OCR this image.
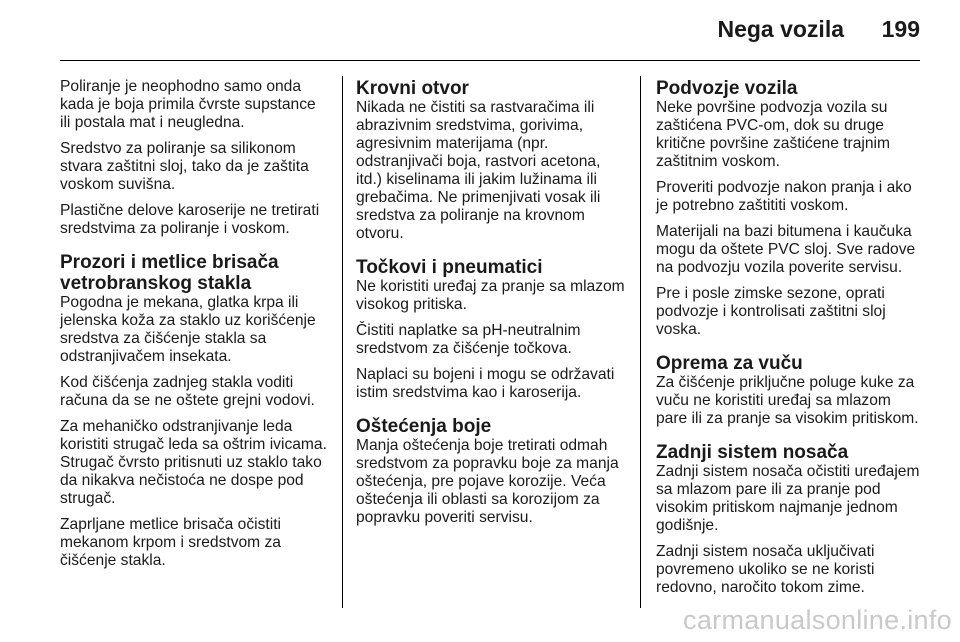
Nega vozila 199

Poliranje je neophodno samo onda kada je boja primila čvrste supstance ili postala mat i neugledna.

Sredstvo za poliranje sa silikonom stvara zaštitni sloj, tako da je zaštita voskom suvišna.

Plastične delove karoserije ne tretirati sredstvima za poliranje i voskom.

Prozori i metlice brisača vetrobranskog stakla

Pogodna je mekana, glatka krpa ili jelenska koža za staklo uz korišćenje sredstva za čišćenje stakla sa odstranjivačem insekata.

Kod čišćenja zadnjeg stakla voditi računa da se ne oštete grejni vodovi.

Za mehaničko odstranjivanje leda koristiti strugač leda sa oštrim ivicama. Strugač čvrsto pritisnuti uz staklo tako da nikakva nečistoća ne dospe pod strugač.

Zaprljane metlice brisača očistiti mekanom krpom i sredstvom za čišćenje stakla.

Krovni otvor

Nikada ne čistiti sa rastvaračima ili abrazivnim sredstvima, gorivima, agresivnim materijama (npr. odstranjivači boja, rastvori acetona, itd.) kiselinama ili jakim lužinama ili grebačima. Ne primenjivati vosak ili sredstva za poliranje na krovnom otvoru.

Točkovi i pneumatici

Ne koristiti uređaj za pranje sa mlazom visokog pritiska.

Čistiti naplatke sa pH-neutralnim sredstvom za čišćenje točkova.

Naplaci su bojeni i mogu se održavati istim sredstvima kao i karoserija.

Oštećenja boje

Manja oštećenja boje tretirati odmah sredstvom za popravku boje za manja oštećenja, pre pojave korozije. Veća oštećenja ili oblasti sa korozijom za popravku poveriti servisu.

Podvozje vozila

Neke površine podvozja vozila su zaštićena PVC-om, dok su druge kritične površine zaštićene trajnim zaštitnim voskom.

Proveriti podvozje nakon pranja i ako je potrebno zaštititi voskom.

Materijali na bazi bitumena i kaučuka mogu da oštete PVC sloj. Sve radove na podvozju vozila poverite servisu.

Pre i posle zimske sezone, oprati podvozje i kontrolisati zaštitni sloj voska.

Oprema za vuču

Za čišćenje priključne poluge kuke za vuču ne koristiti uređaj sa mlazom pare ili za pranje sa visokim pritiskom.

Zadnji sistem nosača

Zadnji sistem nosača očistiti uređajem sa mlazom pare ili za pranje pod visokim pritiskom najmanje jednom godišnje.

Zadnji sistem nosača uključivati povremeno ukoliko se ne koristi redovno, naročito tokom zime.

carmanualsonline.info
